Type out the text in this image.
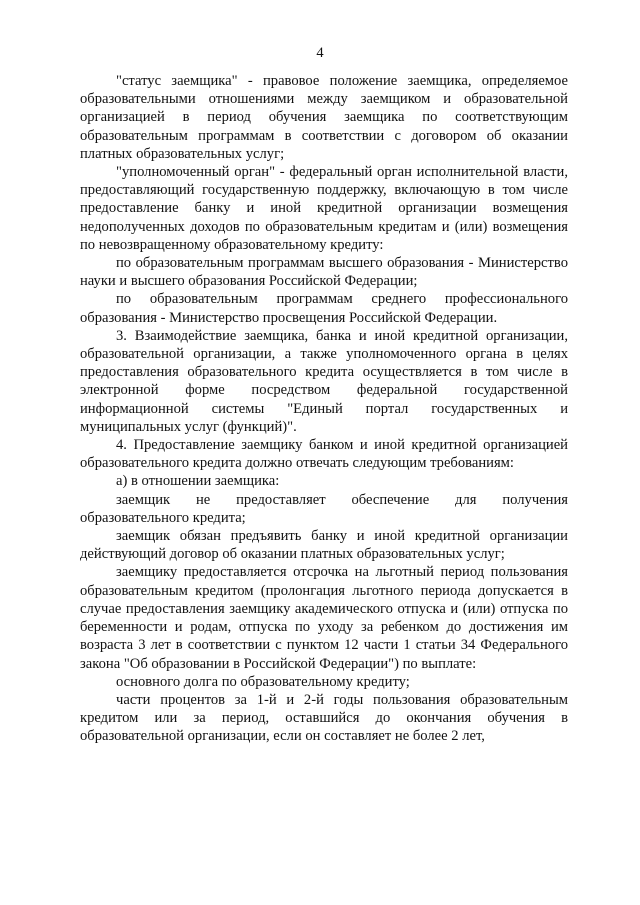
4

"статус заемщика" - правовое положение заемщика, определяемое образовательными отношениями между заемщиком и образовательной организацией в период обучения заемщика по соответствующим образовательным программам в соответствии с договором об оказании платных образовательных услуг;

"уполномоченный орган" - федеральный орган исполнительной власти, предоставляющий государственную поддержку, включающую в том числе предоставление банку и иной кредитной организации возмещения недополученных доходов по образовательным кредитам и (или) возмещения по невозвращенному образовательному кредиту:

по образовательным программам высшего образования - Министерство науки и высшего образования Российской Федерации;

по образовательным программам среднего профессионального образования - Министерство просвещения Российской Федерации.

3. Взаимодействие заемщика, банка и иной кредитной организации, образовательной организации, а также уполномоченного органа в целях предоставления образовательного кредита осуществляется в том числе в электронной форме посредством федеральной государственной информационной системы "Единый портал государственных и муниципальных услуг (функций)".

4. Предоставление заемщику банком и иной кредитной организацией образовательного кредита должно отвечать следующим требованиям:

а) в отношении заемщика:

заемщик не предоставляет обеспечение для получения образовательного кредита;

заемщик обязан предъявить банку и иной кредитной организации действующий договор об оказании платных образовательных услуг;

заемщику предоставляется отсрочка на льготный период пользования образовательным кредитом (пролонгация льготного периода допускается в случае предоставления заемщику академического отпуска и (или) отпуска по беременности и родам, отпуска по уходу за ребенком до достижения им возраста 3 лет в соответствии с пунктом 12 части 1 статьи 34 Федерального закона "Об образовании в Российской Федерации") по выплате:

основного долга по образовательному кредиту;

части процентов за 1-й и 2-й годы пользования образовательным кредитом или за период, оставшийся до окончания обучения в образовательной организации, если он составляет не более 2 лет,
